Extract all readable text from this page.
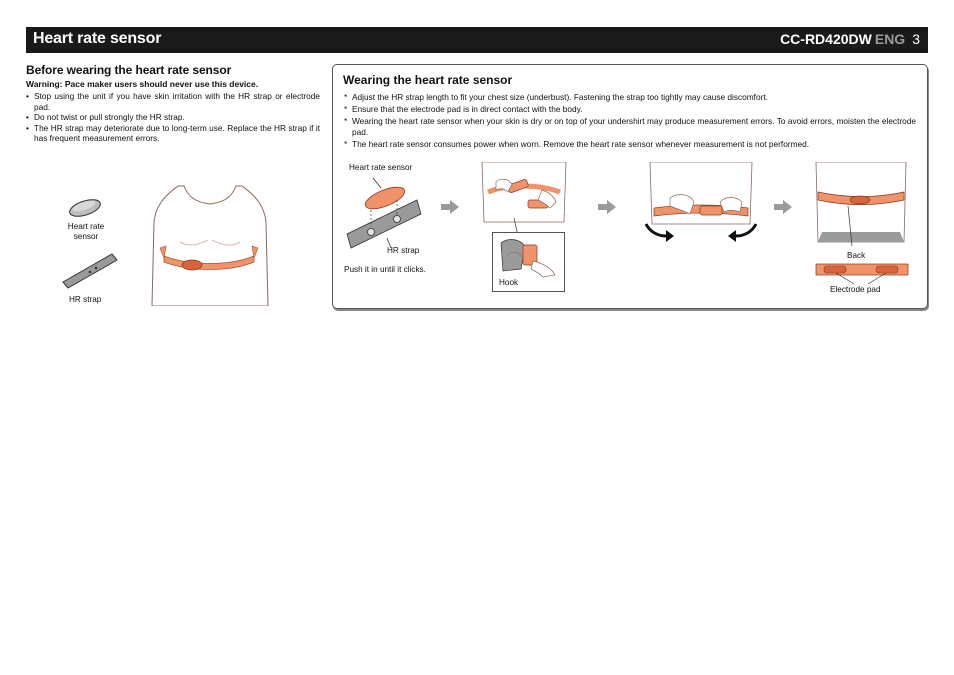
Heart rate sensor	CC-RD420DW ENG 3
Before wearing the heart rate sensor
Warning: Pace maker users should never use this device.
• Stop using the unit if you have skin irritation with the HR strap or electrode pad.
• Do not twist or pull strongly the HR strap.
• The HR strap may deteriorate due to long-term use. Replace the HR strap if it has frequent measurement errors.
Heart rate
sensor
HR strap
Wearing the heart rate sensor
* Adjust the HR strap length to fit your chest size (underbust). Fastening the strap too tightly may cause discomfort.
* Ensure that the electrode pad is in direct contact with the body.
* Wearing the heart rate sensor when your skin is dry or on top of your undershirt may produce measurement errors. To avoid errors, moisten the electrode pad.
* The heart rate sensor consumes power when worn. Remove the heart rate sensor whenever measurement is not performed.
Heart rate sensor
HR strap
Push it in until it clicks.
Hook
Back
Electrode pad
